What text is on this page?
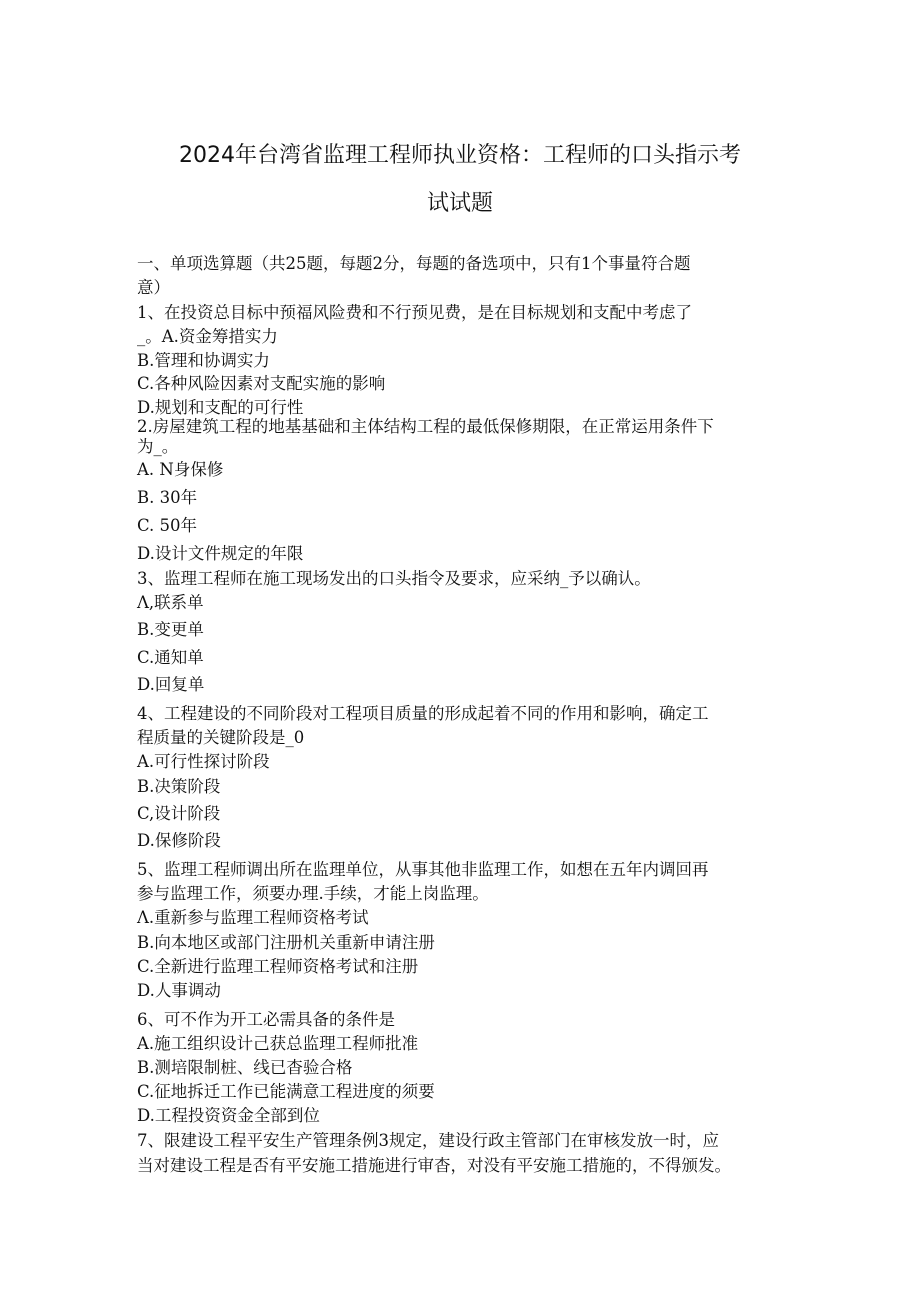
2024年台湾省监理工程师执业资格：工程师的口头指示考
试试题
一、单项选算题（共25题，每题2分，每题的备选项中，只有1个事量符合题
意）
1、在投资总目标中预福风险费和不行预见费，是在目标规划和支配中考虑了
_。A.资金筹措实力
B.管理和协调实力
C.各种风险因素对支配实施的影响
D.规划和支配的可行性
2.房屋建筑工程的地基基础和主体结构工程的最低保修期限，在正常运用条件下
为_。
A. N身保修
B. 30年
C. 50年
D.设计文件规定的年限
3、监理工程师在施工现场发出的口头指令及要求，应采纳_予以确认。
Λ,联系单
B.变更单
C.通知单
D.回复单
4、工程建设的不同阶段对工程项目质量的形成起着不同的作用和影响，确定工
程质量的关键阶段是_0
A.可行性探讨阶段
B.决策阶段
C,设计阶段
D.保修阶段
5、监理工程师调出所在监理单位，从事其他非监理工作，如想在五年内调回再
参与监理工作，须要办理.手续，才能上岗监理。
Λ.重新参与监理工程师资格考试
B.向本地区或部门注册机关重新申请注册
C.全新进行监理工程师资格考试和注册
D.人事调动
6、可不作为开工必需具备的条件是
A.施工组织设计己获总监理工程师批准
B.测培限制桩、线已杳验合格
C.征地拆迁工作已能满意工程进度的须要
D.工程投资资金全部到位
7、限建设工程平安生产管理条例3规定，建设行政主管部门在审核发放一时，应
当对建设工程是否有平安施工措施进行审杳，对没有平安施工措施的，不得颁发。
